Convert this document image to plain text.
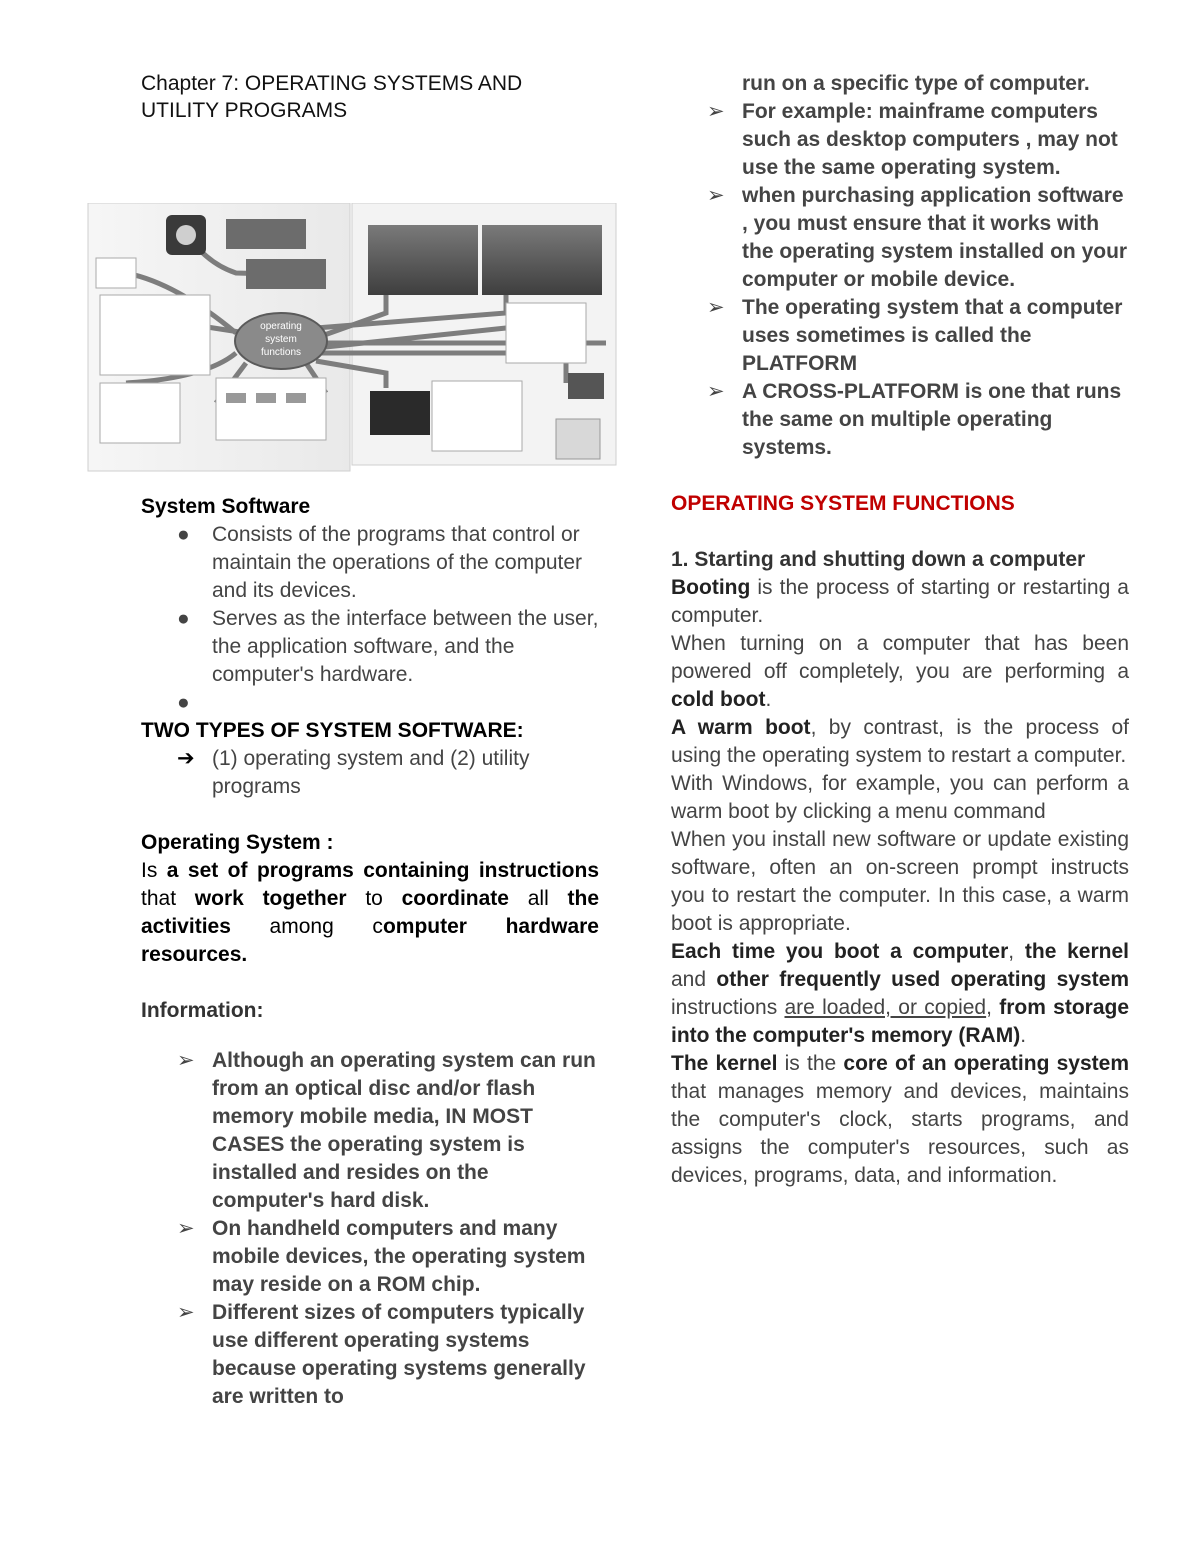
Chapter 7: OPERATING SYSTEMS AND
UTILITY PROGRAMS

operating
system
functions

System Software

● Consists of the programs that control or maintain the operations of the computer and its devices.
● Serves as the interface between the user, the application software, and the computer's hardware.
●

TWO TYPES OF SYSTEM SOFTWARE:

➔ (1) operating system and (2) utility programs

Operating System :

Is a set of programs containing instructions that work together to coordinate all the activities among computer hardware resources.

Information:

➢ Although an operating system can run from an optical disc and/or flash memory mobile media, IN MOST CASES the operating system is installed and resides on the computer's hard disk.
➢ On handheld computers and many mobile devices, the operating system may reside on a ROM chip.
➢ Different sizes of computers typically use different operating systems because operating systems generally are written to
run on a specific type of computer.
➢ For example: mainframe computers such as desktop computers , may not use the same operating system.
➢ when purchasing application software , you must ensure that it works with the operating system installed on your computer or mobile device.
➢ The operating system that a computer uses sometimes is called the PLATFORM
➢ A CROSS-PLATFORM is one that runs the same on multiple operating systems.

OPERATING SYSTEM FUNCTIONS

1. Starting and shutting down a computer

Booting is the process of starting or restarting a computer.

When turning on a computer that has been powered off completely, you are performing a cold boot.

A warm boot, by contrast, is the process of using the operating system to restart a computer.

With Windows, for example, you can perform a warm boot by clicking a menu command

When you install new software or update existing software, often an on-screen prompt instructs you to restart the computer. In this case, a warm boot is appropriate.

Each time you boot a computer, the kernel and other frequently used operating system instructions are loaded, or copied, from storage into the computer's memory (RAM).

The kernel is the core of an operating system that manages memory and devices, maintains the computer's clock, starts programs, and assigns the computer's resources, such as devices, programs, data, and information.
